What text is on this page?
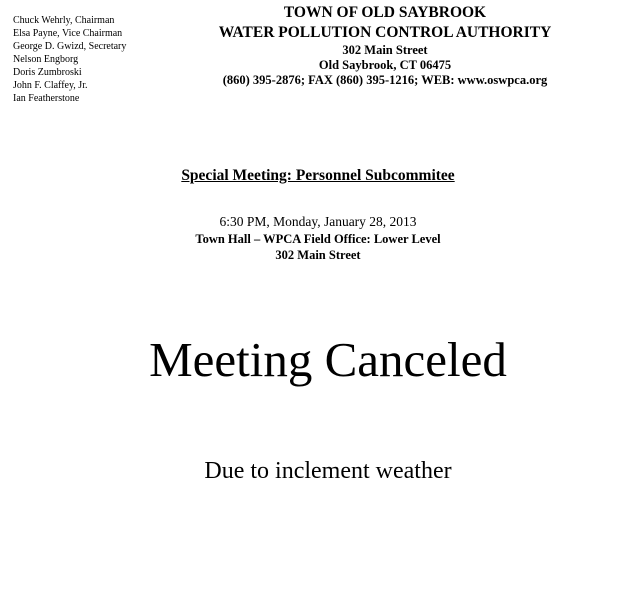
Chuck Wehrly, Chairman
Elsa Payne, Vice Chairman
George D. Gwizd, Secretary
Nelson Engborg
Doris Zumbroski
John F. Claffey, Jr.
Ian Featherstone
TOWN OF OLD SAYBROOK
WATER POLLUTION CONTROL AUTHORITY
302 Main Street
Old Saybrook, CT 06475
(860) 395-2876; FAX (860) 395-1216; WEB: www.oswpca.org
Special Meeting: Personnel Subcommitee
6:30 PM, Monday, January 28, 2013
Town Hall – WPCA Field Office: Lower Level
302 Main Street
Meeting Canceled
Due to inclement weather
